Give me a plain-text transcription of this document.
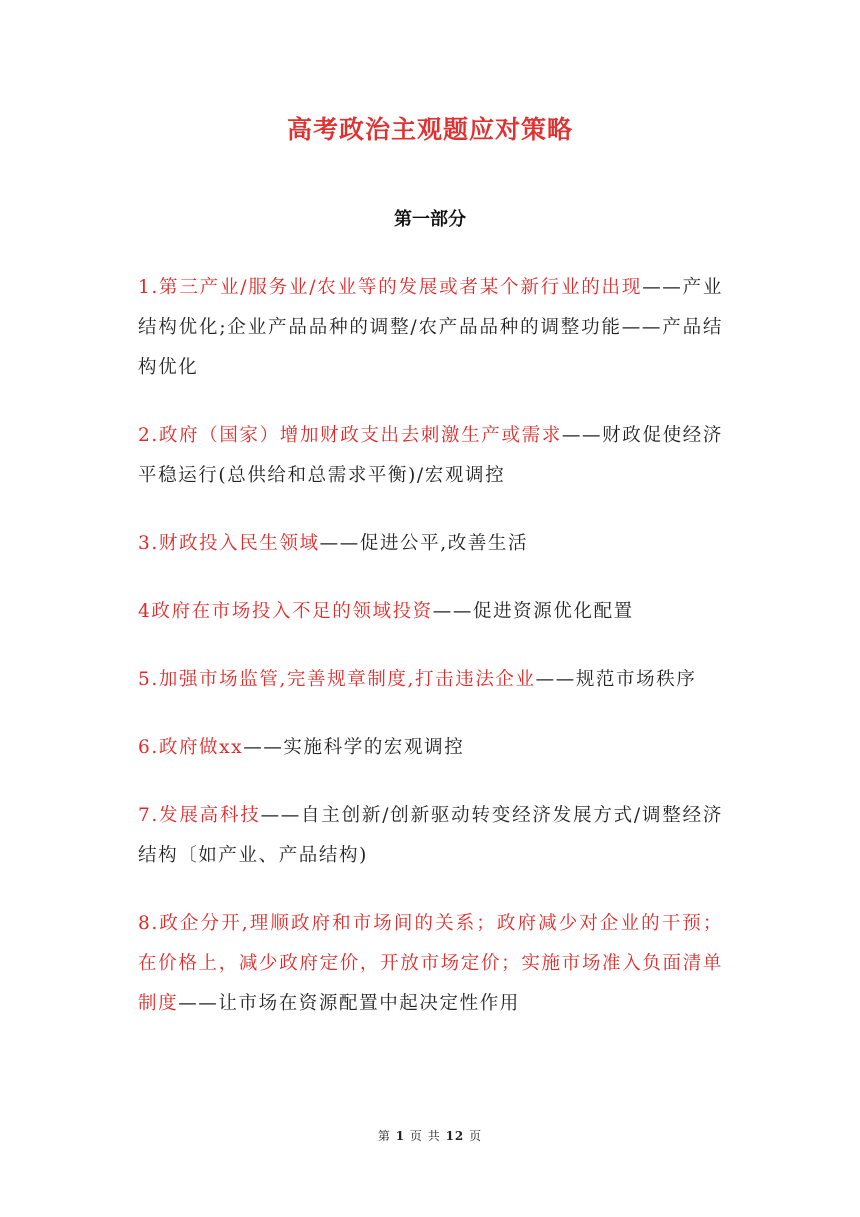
高考政治主观题应对策略
第一部分

1.第三产业/服务业/农业等的发展或者某个新行业的出现——产业结构优化;企业产品品种的调整/农产品品种的调整功能——产品结构优化

2.政府（国家）增加财政支出去刺激生产或需求——财政促使经济平稳运行(总供给和总需求平衡)/宏观调控

3.财政投入民生领域——促进公平,改善生活

4政府在市场投入不足的领域投资——促进资源优化配置

5.加强市场监管,完善规章制度,打击违法企业——规范市场秩序

6.政府做xx——实施科学的宏观调控

7.发展高科技——自主创新/创新驱动转变经济发展方式/调整经济结构〔如产业、产品结构)

8.政企分开,理顺政府和市场间的关系；政府减少对企业的干预；在价格上，减少政府定价，开放市场定价；实施市场准入负面清单制度——让市场在资源配置中起决定性作用

第 1 页 共 12 页
